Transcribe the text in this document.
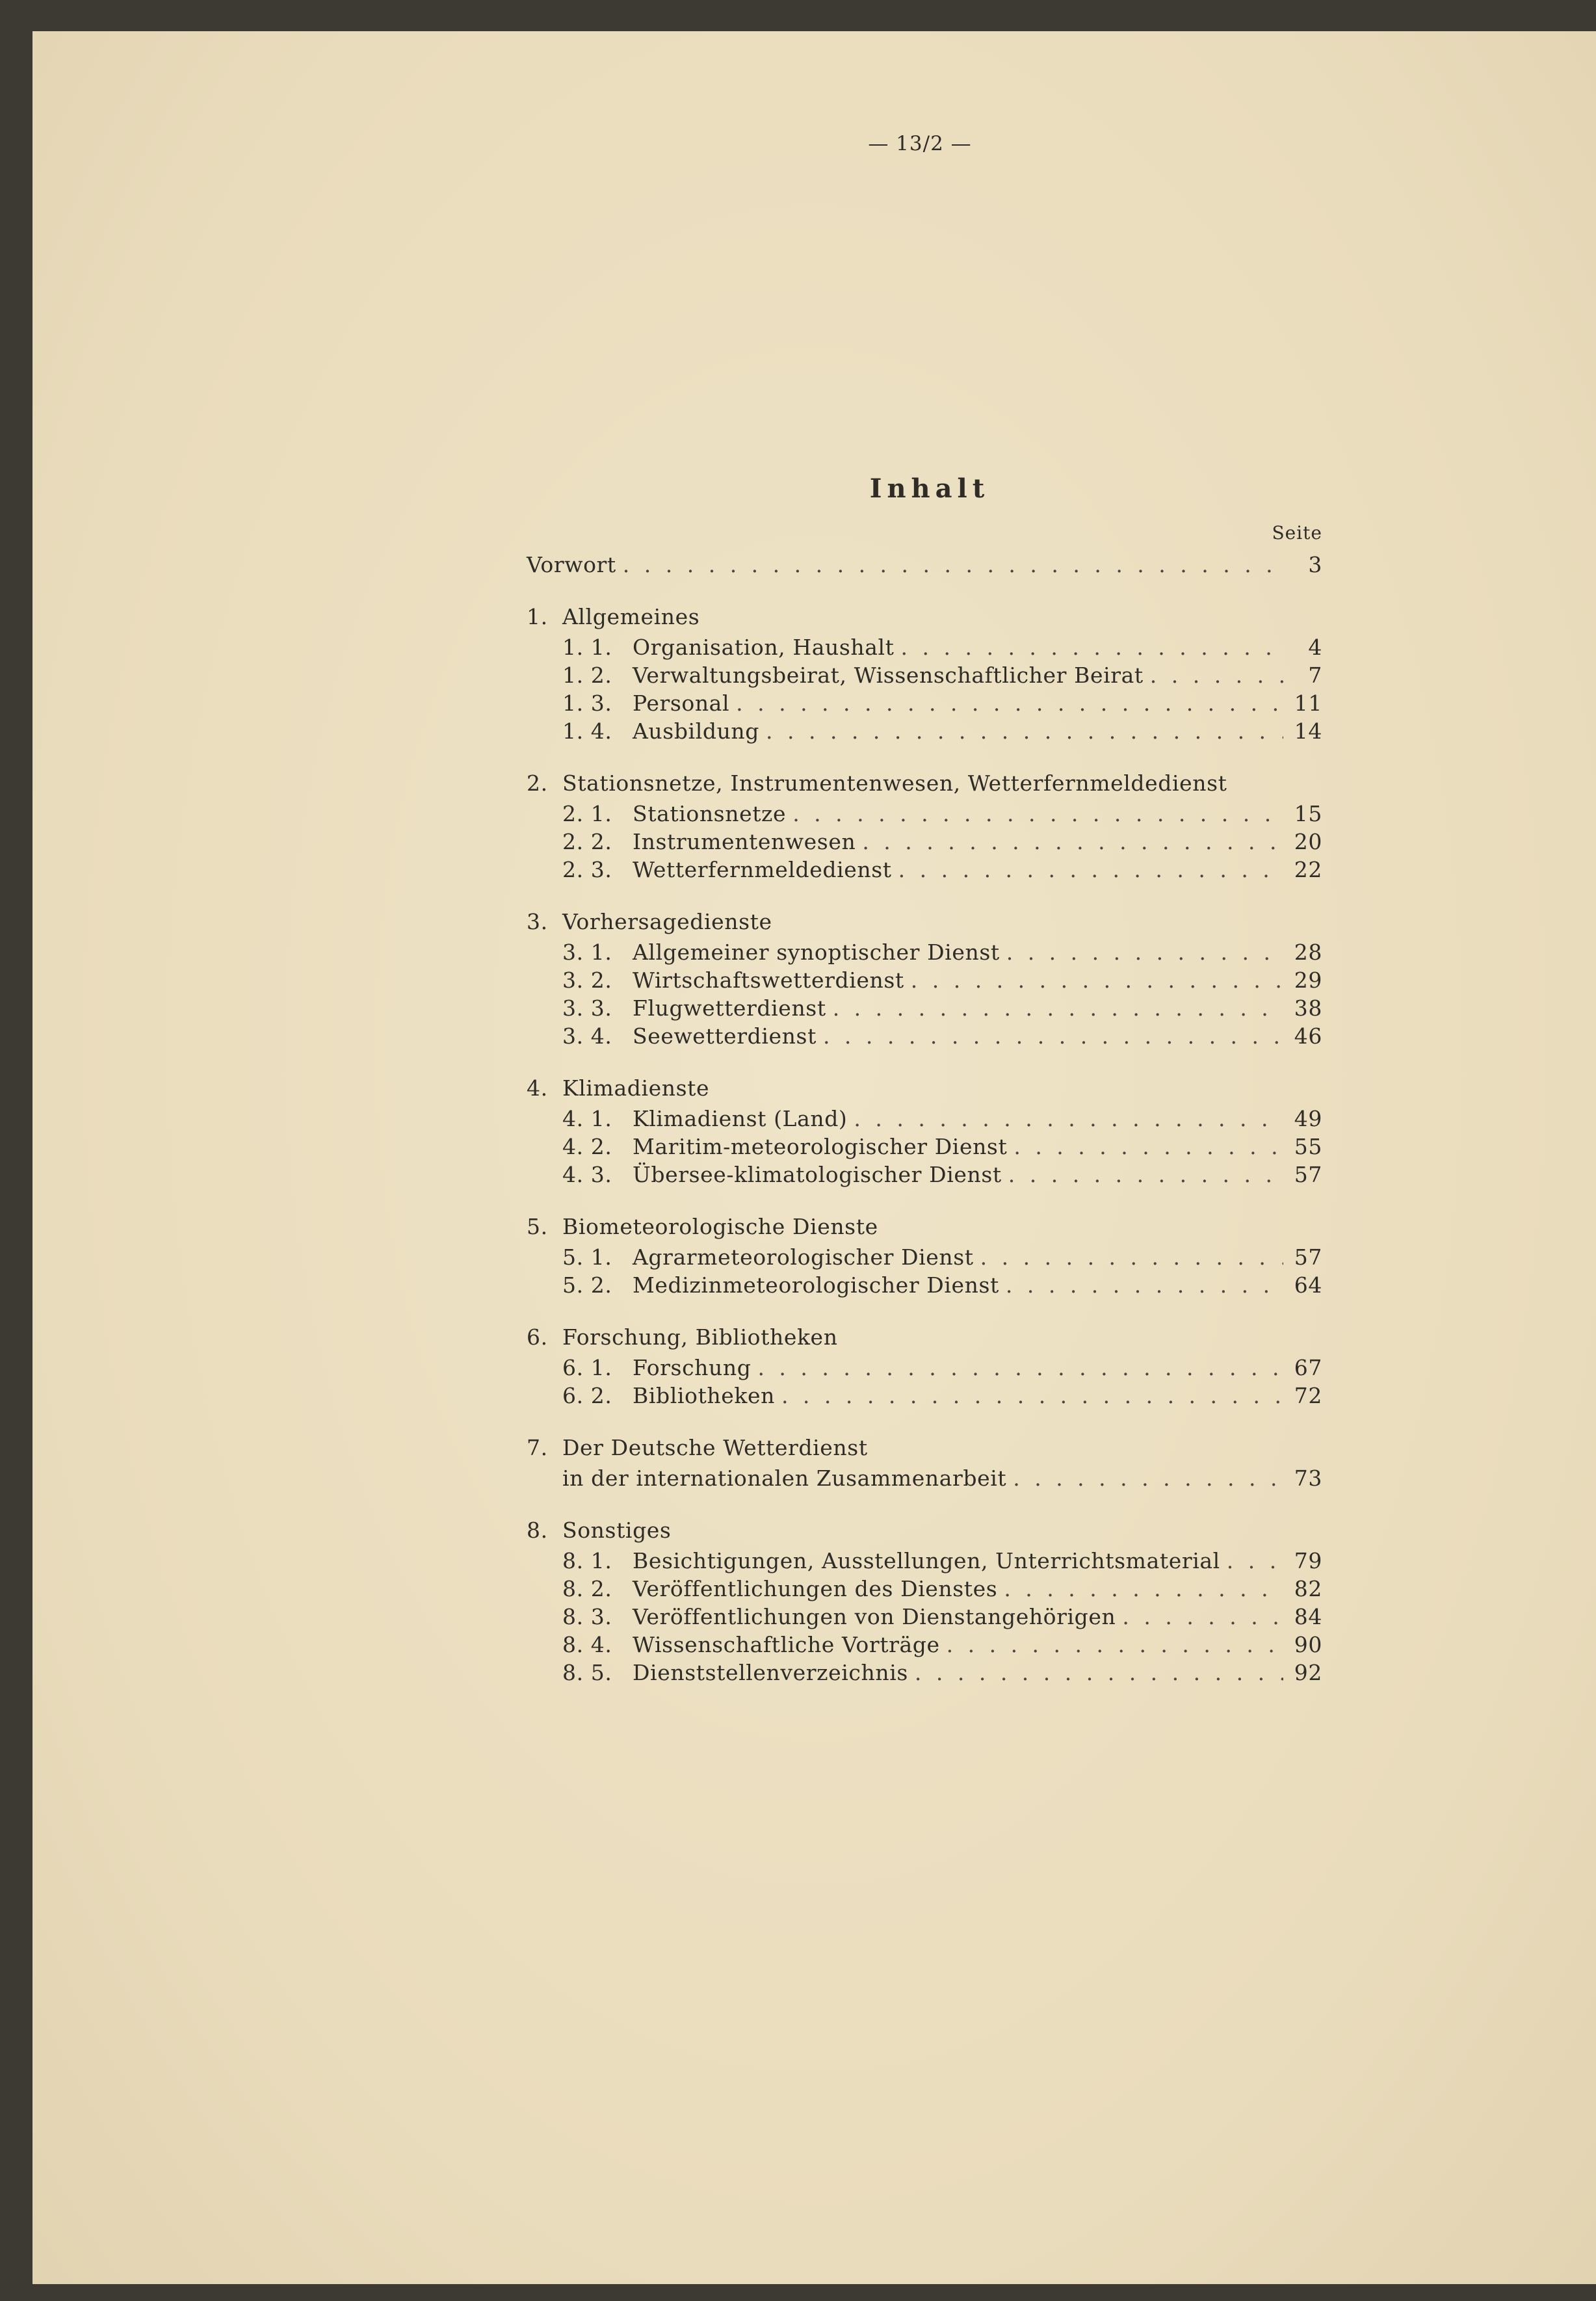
— 13/2 —
Inhalt
Seite
Vorwort . . .	3
1. Allgemeines
1. 1. Organisation, Haushalt . . .	4
1. 2. Verwaltungsbeirat, Wissenschaftlicher Beirat . . .	7
1. 3. Personal . . .	11
1. 4. Ausbildung . . .	14
2. Stationsnetze, Instrumentenwesen, Wetterfernmeldedienst
2. 1. Stationsnetze . . .	15
2. 2. Instrumentenwesen . . .	20
2. 3. Wetterfernmeldedienst . . .	22
3. Vorhersagedienste
3. 1. Allgemeiner synoptischer Dienst . . .	28
3. 2. Wirtschaftswetterdienst . . .	29
3. 3. Flugwetterdienst . . .	38
3. 4. Seewetterdienst . . .	46
4. Klimadienste
4. 1. Klimadienst (Land) . . .	49
4. 2. Maritim-meteorologischer Dienst . . .	55
4. 3. Übersee-klimatologischer Dienst . . .	57
5. Biometeorologische Dienste
5. 1. Agrarmeteorologischer Dienst . . .	57
5. 2. Medizinmeteorologischer Dienst . . .	64
6. Forschung, Bibliotheken
6. 1. Forschung . . .	67
6. 2. Bibliotheken . . .	72
7. Der Deutsche Wetterdienst
in der internationalen Zusammenarbeit . . .	73
8. Sonstiges
8. 1. Besichtigungen, Ausstellungen, Unterrichtsmaterial . . .	79
8. 2. Veröffentlichungen des Dienstes . . .	82
8. 3. Veröffentlichungen von Dienstangehörigen . . .	84
8. 4. Wissenschaftliche Vorträge . . .	90
8. 5. Dienststellenverzeichnis . . .	92
